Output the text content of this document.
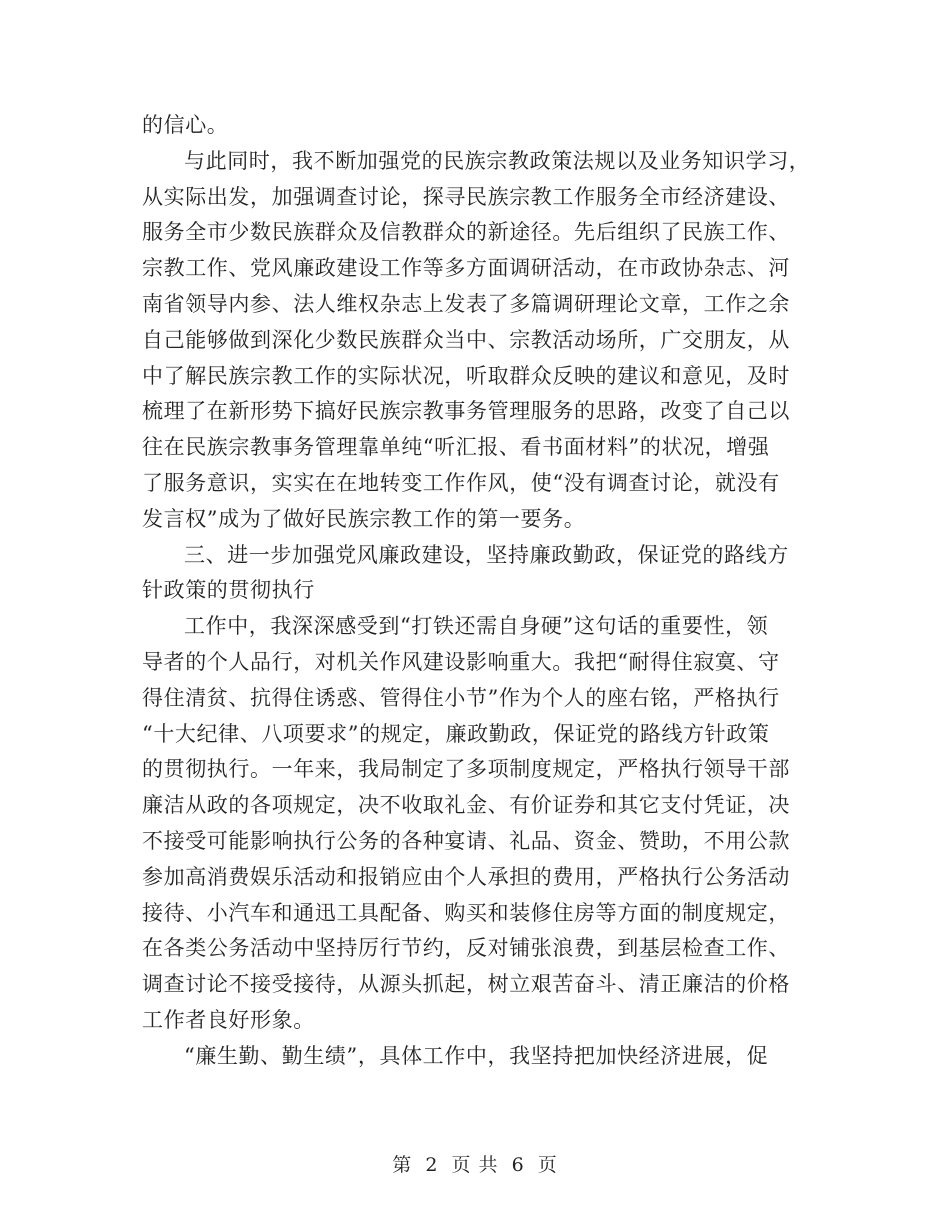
的信心。
与此同时，我不断加强党的民族宗教政策法规以及业务知识学习，
从实际出发，加强调查讨论，探寻民族宗教工作服务全市经济建设、
服务全市少数民族群众及信教群众的新途径。先后组织了民族工作、
宗教工作、党风廉政建设工作等多方面调研活动，在市政协杂志、河
南省领导内参、法人维权杂志上发表了多篇调研理论文章，工作之余
自己能够做到深化少数民族群众当中、宗教活动场所，广交朋友，从
中了解民族宗教工作的实际状况，听取群众反映的建议和意见，及时
梳理了在新形势下搞好民族宗教事务管理服务的思路，改变了自己以
往在民族宗教事务管理靠单纯“听汇报、看书面材料”的状况，增强
了服务意识，实实在在地转变工作作风，使“没有调查讨论，就没有
发言权”成为了做好民族宗教工作的第一要务。
三、进一步加强党风廉政建设，坚持廉政勤政，保证党的路线方
针政策的贯彻执行
工作中，我深深感受到“打铁还需自身硬”这句话的重要性，领
导者的个人品行，对机关作风建设影响重大。我把“耐得住寂寞、守
得住清贫、抗得住诱惑、管得住小节”作为个人的座右铭，严格执行
“十大纪律、八项要求”的规定，廉政勤政，保证党的路线方针政策
的贯彻执行。一年来，我局制定了多项制度规定，严格执行领导干部
廉洁从政的各项规定，决不收取礼金、有价证券和其它支付凭证，决
不接受可能影响执行公务的各种宴请、礼品、资金、赞助，不用公款
参加高消费娱乐活动和报销应由个人承担的费用，严格执行公务活动
接待、小汽车和通迅工具配备、购买和装修住房等方面的制度规定，
在各类公务活动中坚持厉行节约，反对铺张浪费，到基层检查工作、
调查讨论不接受接待，从源头抓起，树立艰苦奋斗、清正廉洁的价格
工作者良好形象。
“廉生勤、勤生绩”，具体工作中，我坚持把加快经济进展，促
第 2 页 共 6 页
